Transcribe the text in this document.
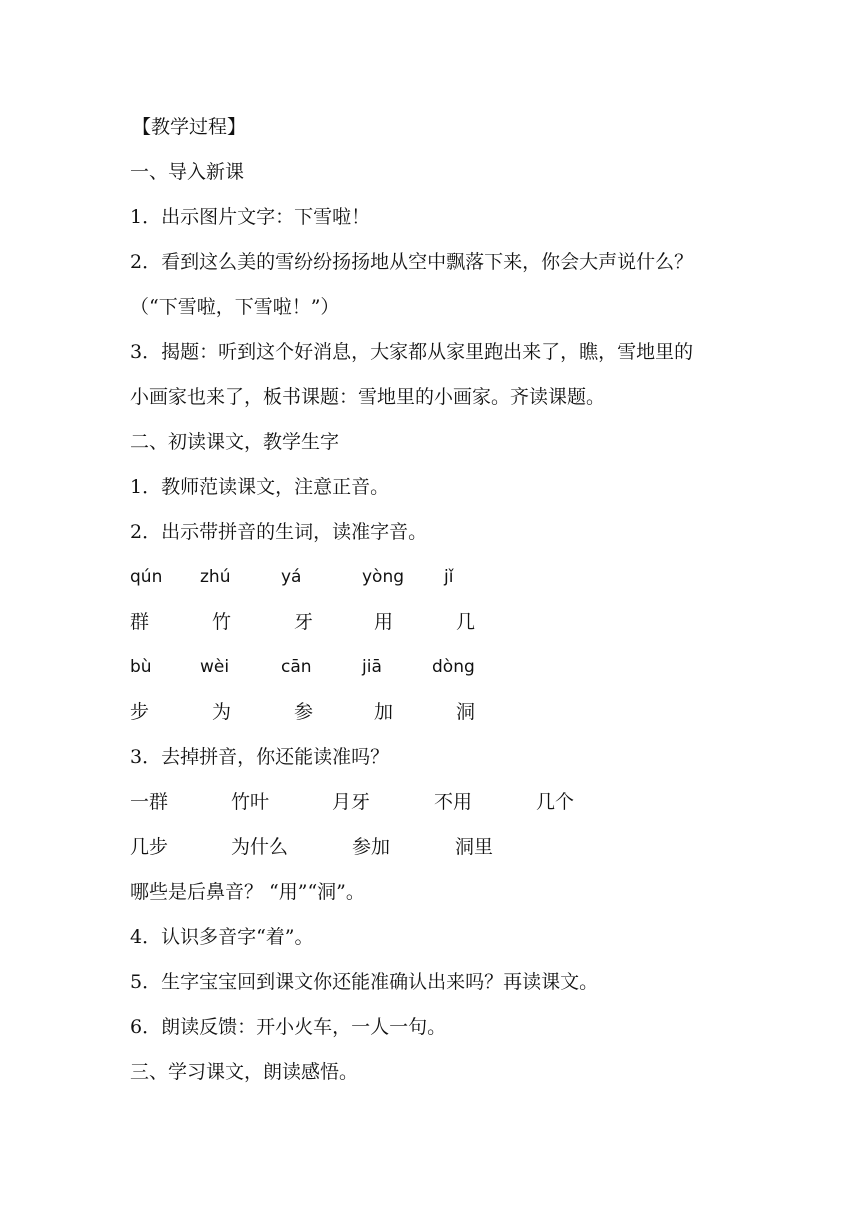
【教学过程】
一、导入新课
1．出示图片文字：下雪啦！
2．看到这么美的雪纷纷扬扬地从空中飘落下来，你会大声说什么？
（“下雪啦，下雪啦！”）
3．揭题：听到这个好消息，大家都从家里跑出来了，瞧，雪地里的
小画家也来了，板书课题：雪地里的小画家。齐读课题。
二、初读课文，教学生字
1．教师范读课文，注意正音。
2．出示带拼音的生词，读准字音。
qún	zhú	yá	yòng	jǐ
群	竹	牙	用	几
bù	wèi	cān	jiā	dòng
步	为	参	加	洞
3．去掉拼音，你还能读准吗？
一群	竹叶	月牙	不用	几个
几步	为什么	参加	洞里
哪些是后鼻音？ “用”“洞”。
4．认识多音字“着”。
5．生字宝宝回到课文你还能准确认出来吗？再读课文。
6．朗读反馈：开小火车，一人一句。
三、学习课文，朗读感悟。
